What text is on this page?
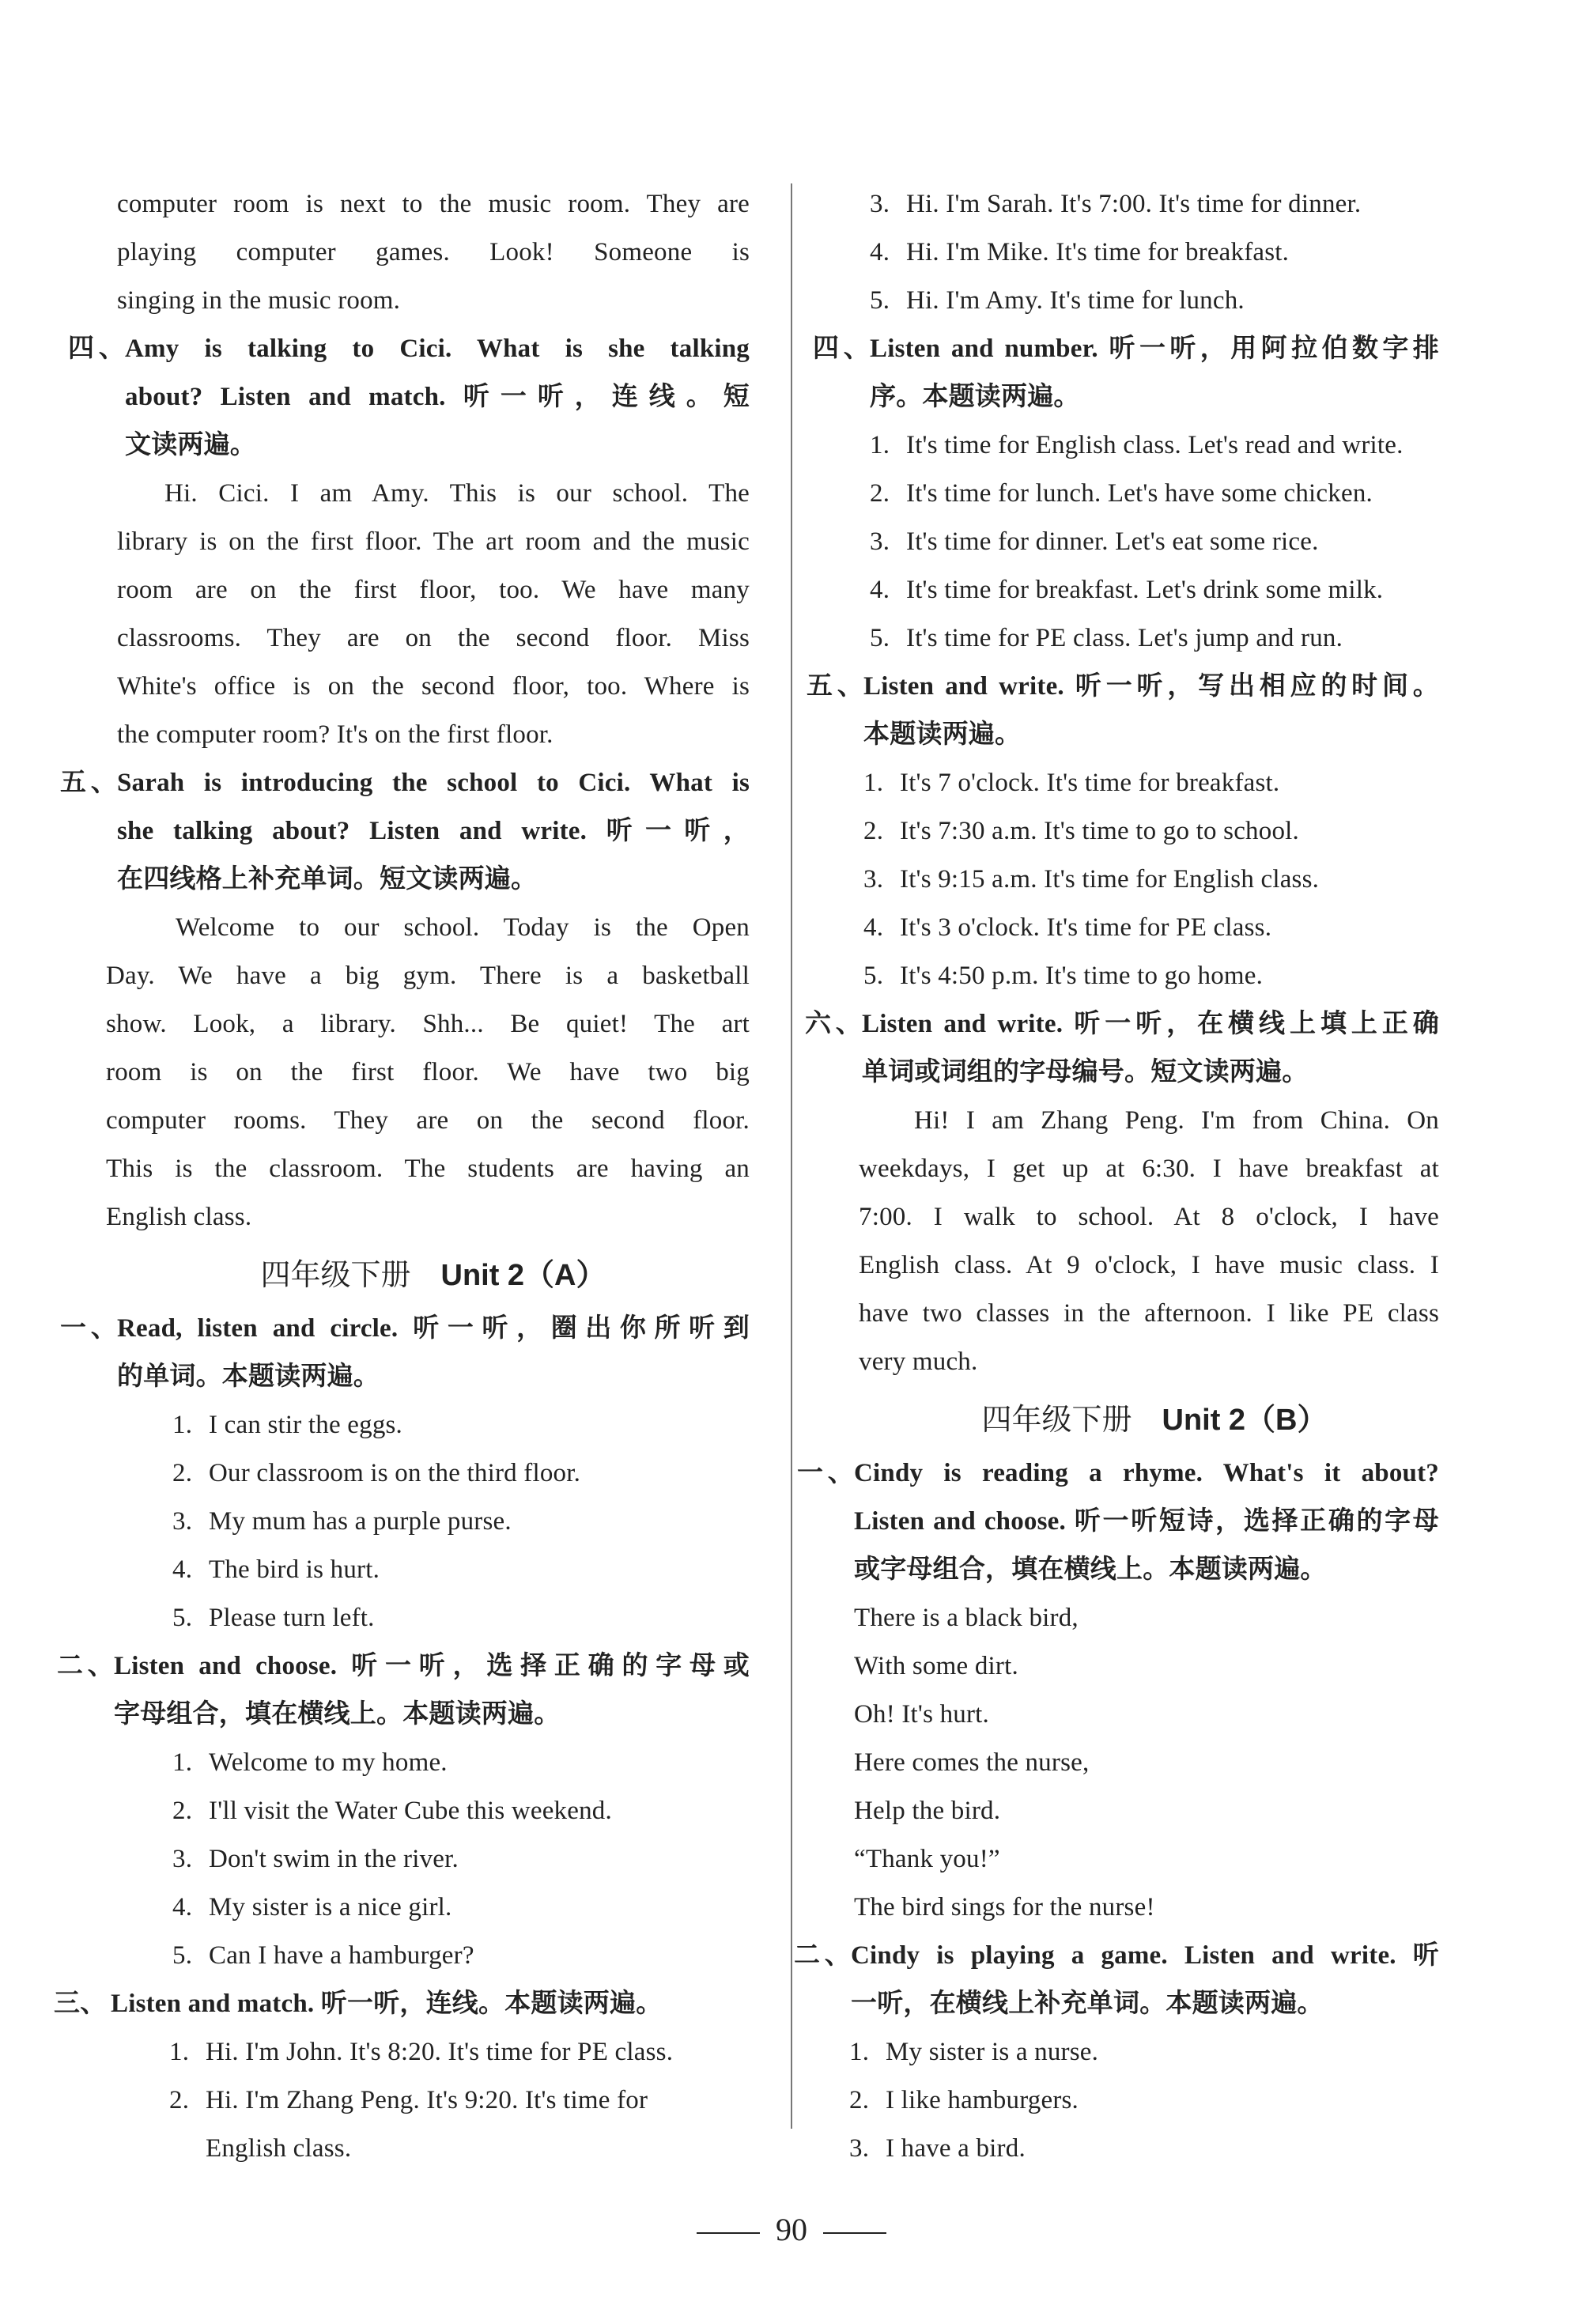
computer room is next to the music room. They are
playing computer games. Look! Someone is
singing in the music room.
四、Amy is talking to Cici. What is she talking
about? Listen and match. 听一听，连线。短
文读两遍。
Hi. Cici. I am Amy. This is our school. The
library is on the first floor. The art room and the music
room are on the first floor, too. We have many
classrooms. They are on the second floor. Miss
White's office is on the second floor, too. Where is
the computer room? It's on the first floor.
五、Sarah is introducing the school to Cici. What is
she talking about? Listen and write. 听一听，
在四线格上补充单词。短文读两遍。
Welcome to our school. Today is the Open
Day. We have a big gym. There is a basketball
show. Look, a library. Shh... Be quiet! The art
room is on the first floor. We have two big
computer rooms. They are on the second floor.
This is the classroom. The students are having an
English class.
四年级下册 Unit 2（A）
一、Read, listen and circle. 听一听，圈出你所听到
的单词。本题读两遍。
1. I can stir the eggs.
2. Our classroom is on the third floor.
3. My mum has a purple purse.
4. The bird is hurt.
5. Please turn left.
二、Listen and choose. 听一听，选择正确的字母或
字母组合，填在横线上。本题读两遍。
1. Welcome to my home.
2. I'll visit the Water Cube this weekend.
3. Don't swim in the river.
4. My sister is a nice girl.
5. Can I have a hamburger?
三、 Listen and match. 听一听，连线。本题读两遍。
1. Hi. I'm John. It's 8:20. It's time for PE class.
2. Hi. I'm Zhang Peng. It's 9:20. It's time for
English class.
3. Hi. I'm Sarah. It's 7:00. It's time for dinner.
4. Hi. I'm Mike. It's time for breakfast.
5. Hi. I'm Amy. It's time for lunch.
四、Listen and number. 听一听，用阿拉伯数字排
序。本题读两遍。
1. It's time for English class. Let's read and write.
2. It's time for lunch. Let's have some chicken.
3. It's time for dinner. Let's eat some rice.
4. It's time for breakfast. Let's drink some milk.
5. It's time for PE class. Let's jump and run.
五、Listen and write. 听一听，写出相应的时间。
本题读两遍。
1. It's 7 o'clock. It's time for breakfast.
2. It's 7:30 a.m. It's time to go to school.
3. It's 9:15 a.m. It's time for English class.
4. It's 3 o'clock. It's time for PE class.
5. It's 4:50 p.m. It's time to go home.
六、Listen and write. 听一听，在横线上填上正确
单词或词组的字母编号。短文读两遍。
Hi! I am Zhang Peng. I'm from China. On
weekdays, I get up at 6:30. I have breakfast at
7:00. I walk to school. At 8 o'clock, I have
English class. At 9 o'clock, I have music class. I
have two classes in the afternoon. I like PE class
very much.
四年级下册 Unit 2（B）
一、Cindy is reading a rhyme. What's it about?
Listen and choose. 听一听短诗，选择正确的字母
或字母组合，填在横线上。本题读两遍。
There is a black bird,
With some dirt.
Oh! It's hurt.
Here comes the nurse,
Help the bird.
“Thank you!”
The bird sings for the nurse!
二、Cindy is playing a game. Listen and write. 听
一听，在横线上补充单词。本题读两遍。
1. My sister is a nurse.
2. I like hamburgers.
3. I have a bird.
90
